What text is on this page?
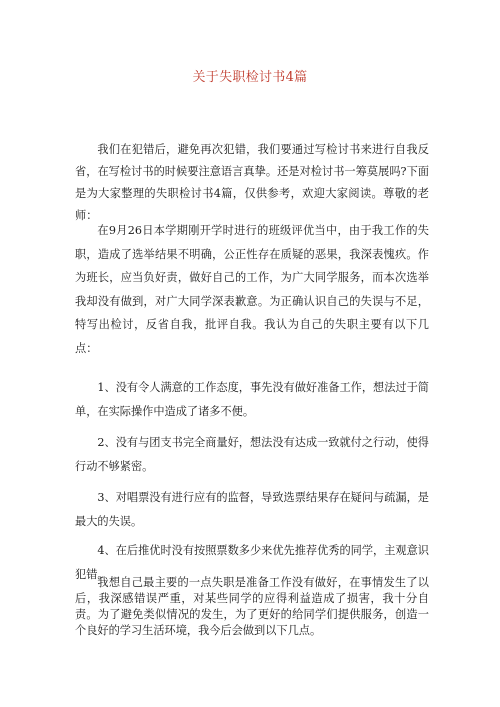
关于失职检讨书4篇

我们在犯错后，避免再次犯错，我们要通过写检讨书来进行自我反省，在写检讨书的时候要注意语言真挚。还是对检讨书一筹莫展吗?下面是为大家整理的失职检讨书4篇，仅供参考，欢迎大家阅读。尊敬的老师：

在9月26日本学期刚开学时进行的班级评优当中，由于我工作的失职，造成了选举结果不明确，公正性存在质疑的恶果，我深表愧疚。作为班长，应当负好责，做好自己的工作，为广大同学服务，而本次选举我却没有做到，对广大同学深表歉意。为正确认识自己的失误与不足，特写出检讨，反省自我，批评自我。我认为自己的失职主要有以下几点：

1、没有令人满意的工作态度，事先没有做好准备工作，想法过于简单，在实际操作中造成了诸多不便。

2、没有与团支书完全商量好，想法没有达成一致就付之行动，使得行动不够紧密。

3、对唱票没有进行应有的监督，导致选票结果存在疑问与疏漏，是最大的失误。

4、在后推优时没有按照票数多少来优先推荐优秀的同学，主观意识犯错。

我想自己最主要的一点失职是准备工作没有做好，在事情发生了以后，我深感错误严重，对某些同学的应得利益造成了损害，我十分自责。为了避免类似情况的发生，为了更好的给同学们提供服务，创造一个良好的学习生活环境，我今后会做到以下几点。
